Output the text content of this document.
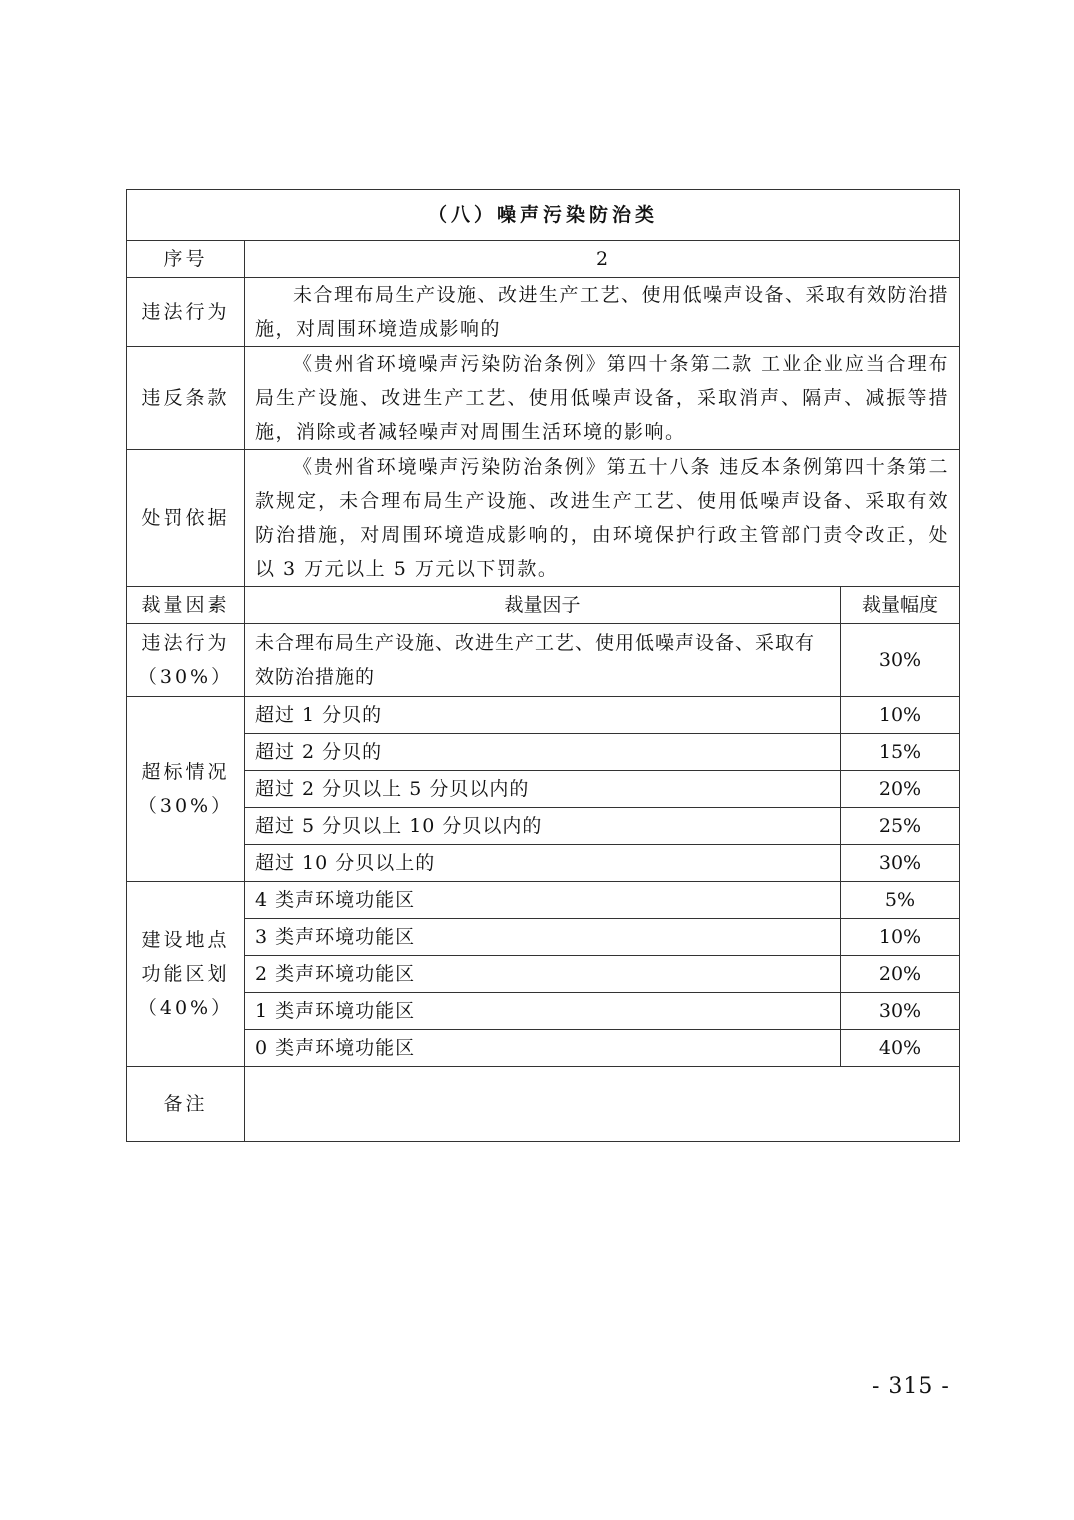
（八）噪声污染防治类		
序号	2	
违法行为	未合理布局生产设施、改进生产工艺、使用低噪声设备、采取有效防治措施，对周围环境造成影响的	
违反条款	《贵州省环境噪声污染防治条例》第四十条第二款 工业企业应当合理布局生产设施、改进生产工艺、使用低噪声设备，采取消声、隔声、减振等措施，消除或者减轻噪声对周围生活环境的影响。	
处罚依据	《贵州省环境噪声污染防治条例》第五十八条 违反本条例第四十条第二款规定，未合理布局生产设施、改进生产工艺、使用低噪声设备、采取有效防治措施，对周围环境造成影响的，由环境保护行政主管部门责令改正，处以 3 万元以上 5 万元以下罚款。	
裁量因素	裁量因子	裁量幅度

违法行为
（30%）	未合理布局生产设施、改进生产工艺、使用低噪声设备、采取有效防治措施的	30%

超标情况
（30%）	超过 1 分贝的	10%
	超过 2 分贝的	15%
	超过 2 分贝以上 5 分贝以内的	20%
	超过 5 分贝以上 10 分贝以内的	25%
	超过 10 分贝以上的	30%

建设地点
功能区划
（40%）	4 类声环境功能区	5%
	3 类声环境功能区	10%
	2 类声环境功能区	20%
	1 类声环境功能区	30%
	0 类声环境功能区	40%
备注		
- 315 -
